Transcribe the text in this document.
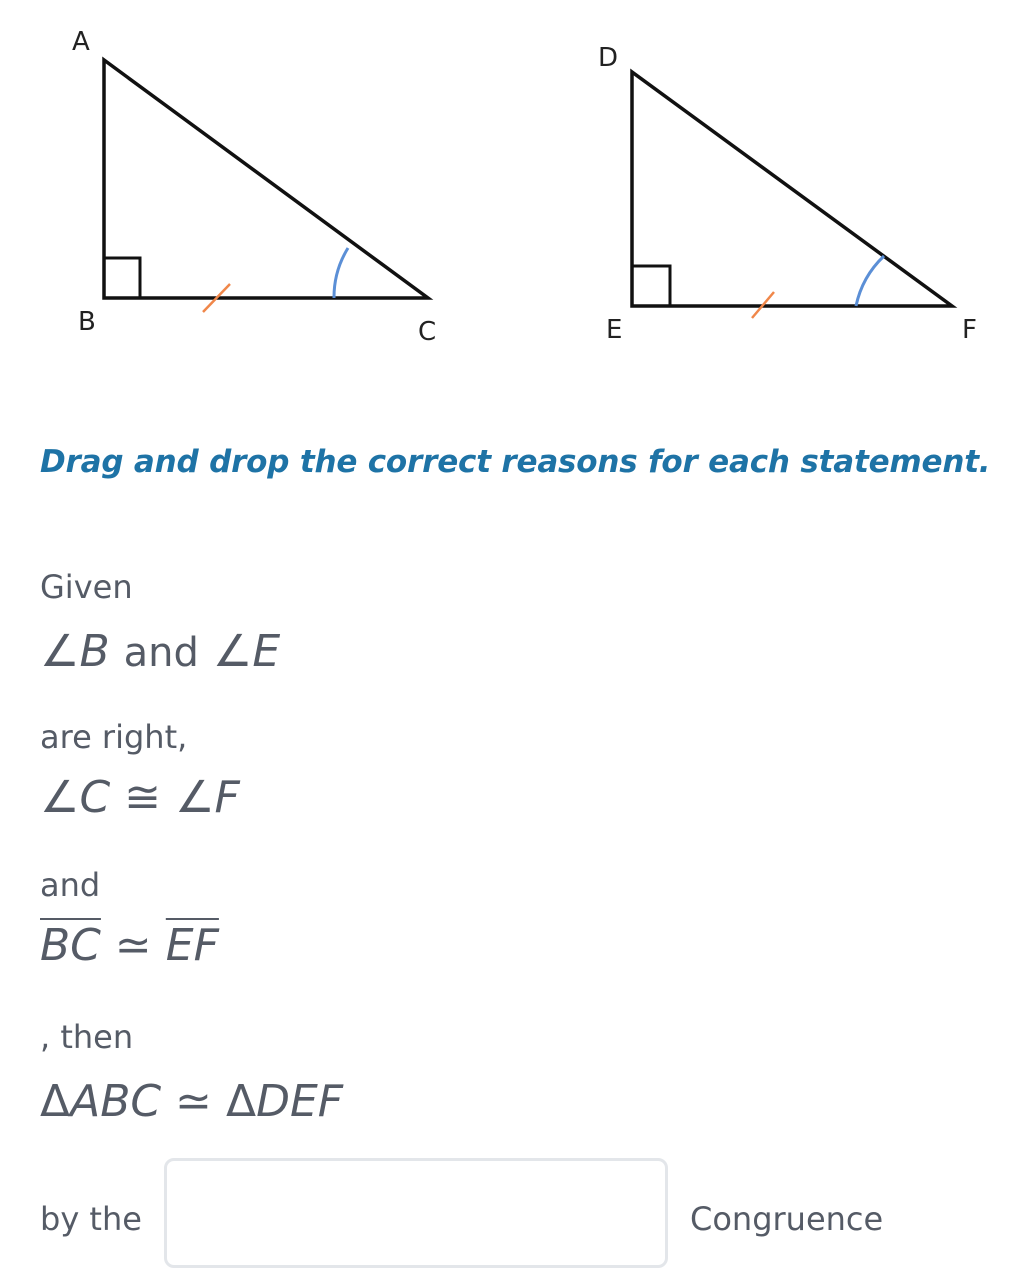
A
B	C
D
E	F
Drag and drop the correct reasons for each statement.
Given
∠B and ∠E
are right,
∠C ≅ ∠F
and
$\overline{BC}$ ≃ $\overline{EF}$
, then
ΔABC ≃ ΔDEF
by the	Congruence
